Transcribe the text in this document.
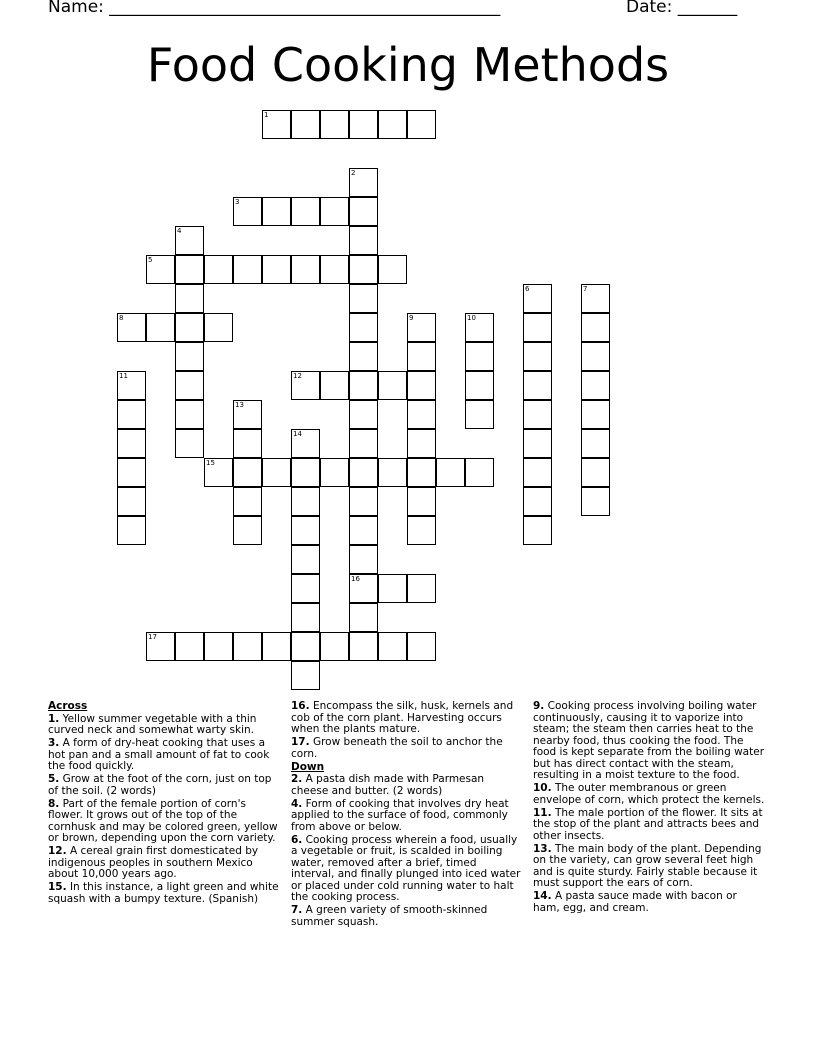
Name: ______________________________________________	Date: _______
Food Cooking Methods
1
2
16
3
4
5
6	7
8	9	10
11	12
13
14
15
17
Across
1. Yellow summer vegetable with a thin curved neck and somewhat warty skin.
3. A form of dry-heat cooking that uses a hot pan and a small amount of fat to cook the food quickly.
5. Grow at the foot of the corn, just on top of the soil. (2 words)
8. Part of the female portion of corn's flower. It grows out of the top of the cornhusk and may be colored green, yellow or brown, depending upon the corn variety.
12. A cereal grain first domesticated by indigenous peoples in southern Mexico about 10,000 years ago.
15. In this instance, a light green and white squash with a bumpy texture. (Spanish)
16. Encompass the silk, husk, kernels and cob of the corn plant. Harvesting occurs when the plants mature.
17. Grow beneath the soil to anchor the corn.
Down
2. A pasta dish made with Parmesan cheese and butter. (2 words)
4. Form of cooking that involves dry heat applied to the surface of food, commonly from above or below.
6. Cooking process wherein a food, usually a vegetable or fruit, is scalded in boiling water, removed after a brief, timed interval, and finally plunged into iced water or placed under cold running water to halt the cooking process.
7. A green variety of smooth-skinned summer squash.
9. Cooking process involving boiling water continuously, causing it to vaporize into steam; the steam then carries heat to the nearby food, thus cooking the food. The food is kept separate from the boiling water but has direct contact with the steam, resulting in a moist texture to the food.
10. The outer membranous or green envelope of corn, which protect the kernels.
11. The male portion of the flower. It sits at the stop of the plant and attracts bees and other insects.
13. The main body of the plant. Depending on the variety, can grow several feet high and is quite sturdy. Fairly stable because it must support the ears of corn.
14. A pasta sauce made with bacon or ham, egg, and cream.
